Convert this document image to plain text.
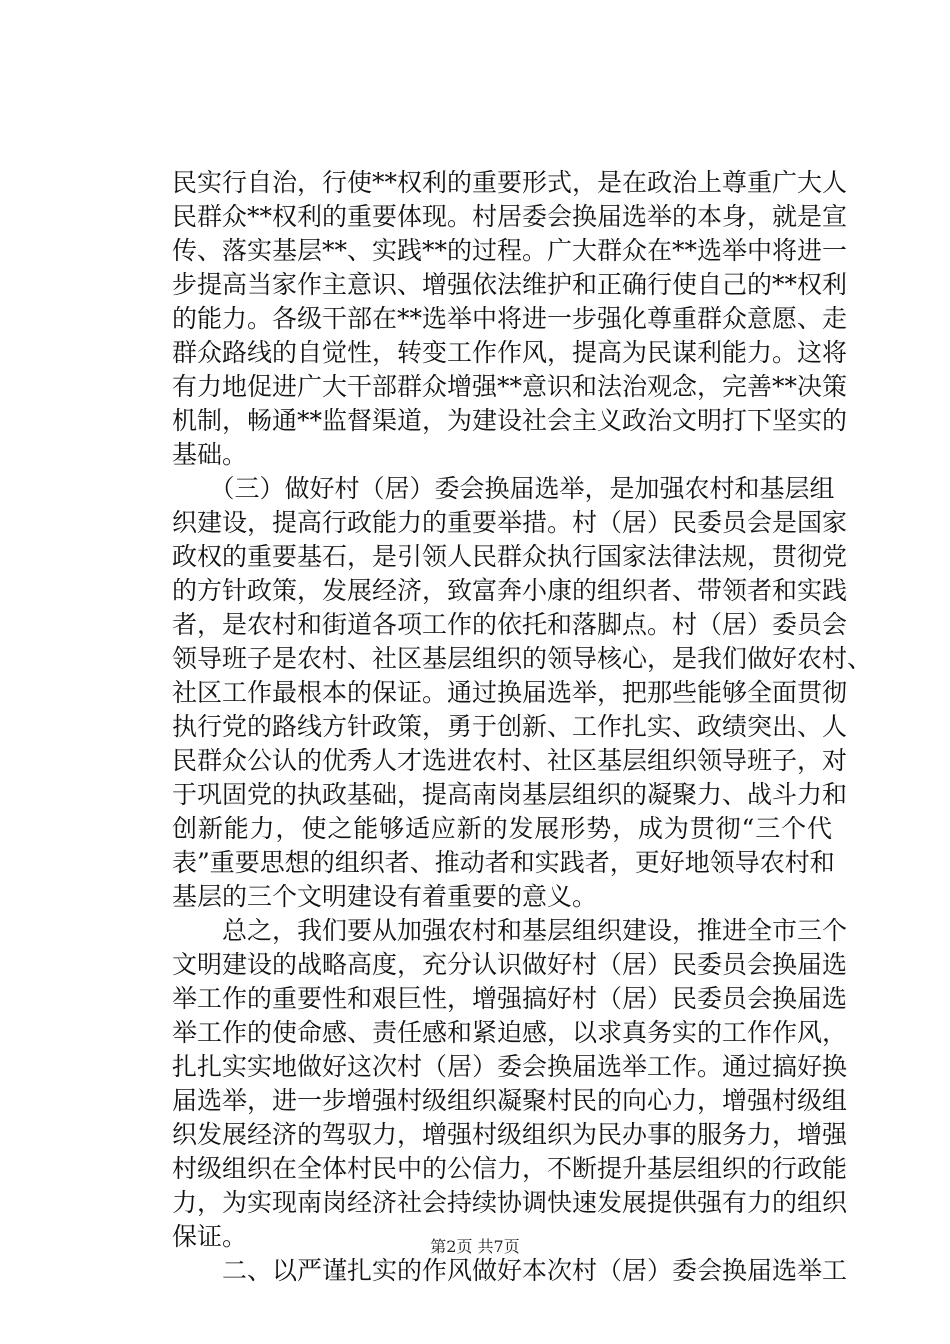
民实行自治，行使**权利的重要形式，是在政治上尊重广大人
民群众**权利的重要体现。村居委会换届选举的本身，就是宣
传、落实基层**、实践**的过程。广大群众在**选举中将进一
步提高当家作主意识、增强依法维护和正确行使自己的**权利
的能力。各级干部在**选举中将进一步强化尊重群众意愿、走
群众路线的自觉性，转变工作作风，提高为民谋利能力。这将
有力地促进广大干部群众增强**意识和法治观念，完善**决策
机制，畅通**监督渠道，为建设社会主义政治文明打下坚实的
基础。
　　（三）做好村（居）委会换届选举，是加强农村和基层组
织建设，提高行政能力的重要举措。村（居）民委员会是国家
政权的重要基石，是引领人民群众执行国家法律法规，贯彻党
的方针政策，发展经济，致富奔小康的组织者、带领者和实践
者，是农村和街道各项工作的依托和落脚点。村（居）委员会
领导班子是农村、社区基层组织的领导核心，是我们做好农村、
社区工作最根本的保证。通过换届选举，把那些能够全面贯彻
执行党的路线方针政策，勇于创新、工作扎实、政绩突出、人
民群众公认的优秀人才选进农村、社区基层组织领导班子，对
于巩固党的执政基础，提高南岗基层组织的凝聚力、战斗力和
创新能力，使之能够适应新的发展形势，成为贯彻“三个代
表”重要思想的组织者、推动者和实践者，更好地领导农村和
基层的三个文明建设有着重要的意义。
　　总之，我们要从加强农村和基层组织建设，推进全市三个
文明建设的战略高度，充分认识做好村（居）民委员会换届选
举工作的重要性和艰巨性，增强搞好村（居）民委员会换届选
举工作的使命感、责任感和紧迫感，以求真务实的工作作风，
扎扎实实地做好这次村（居）委会换届选举工作。通过搞好换
届选举，进一步增强村级组织凝聚村民的向心力，增强村级组
织发展经济的驾驭力，增强村级组织为民办事的服务力，增强
村级组织在全体村民中的公信力，不断提升基层组织的行政能
力，为实现南岗经济社会持续协调快速发展提供强有力的组织
保证。
　　二、以严谨扎实的作风做好本次村（居）委会换届选举工
第2页 共7页
